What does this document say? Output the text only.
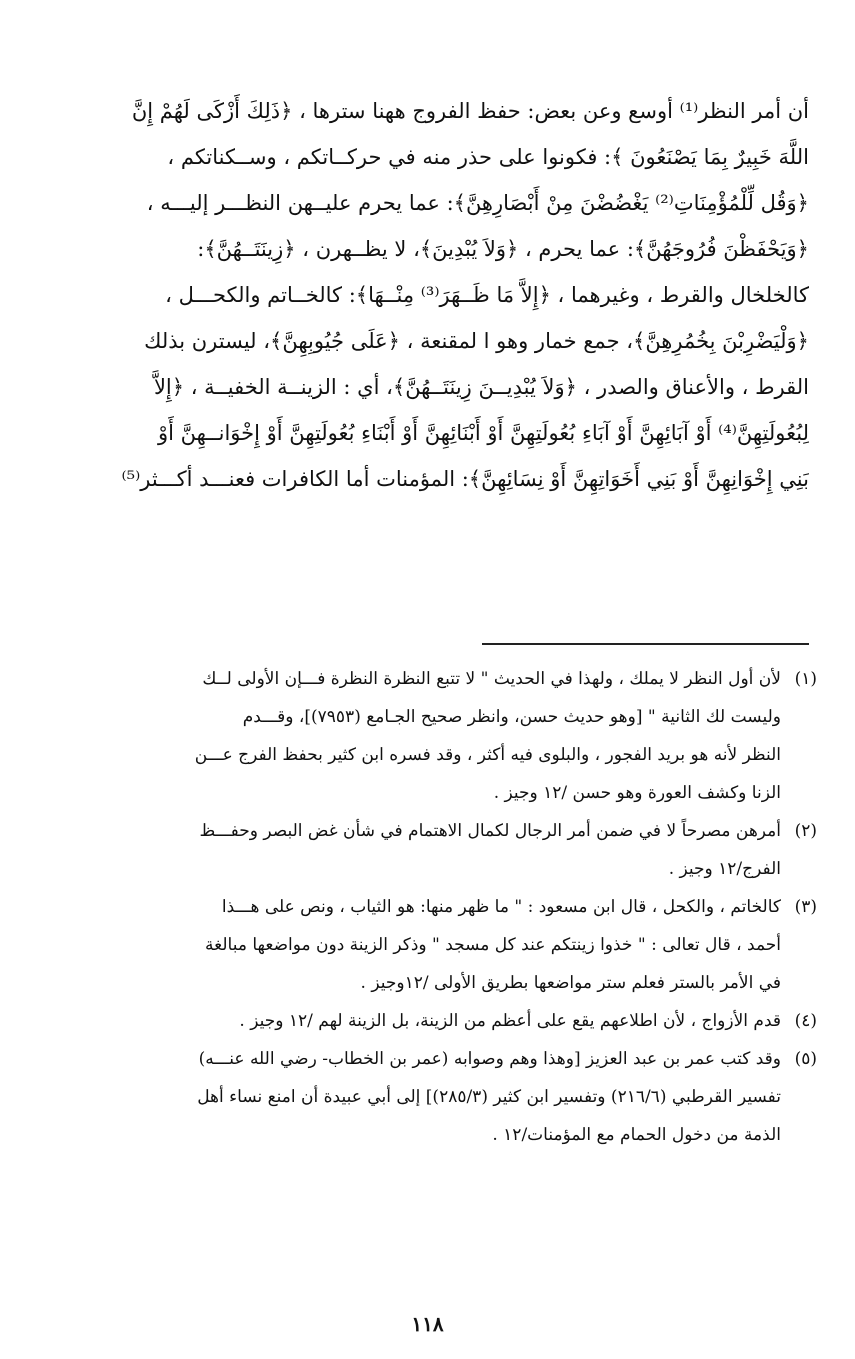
أن أمر النظر⁽¹⁾ أوسع وعن بعض: حفظ الفروج ههنا سترها ، ﴿ذَلِكَ أَزْكَى لَهُمْ إِنَّ
اللَّهَ خَبِيرٌ بِمَا يَصْنَعُونَ ﴾: فكونوا على حذر منه في حركــاتكم ، وســكناتكم ،
﴿وَقُل لِّلْمُؤْمِنَاتِ⁽²⁾ يَغْضُضْنَ مِنْ أَبْصَارِهِنَّ﴾: عما يحرم عليــهن النظـــر إليـــه ،
﴿وَيَحْفَظْنَ فُرُوجَهُنَّ﴾: عما يحرم ، ﴿وَلاَ يُبْدِينَ﴾، لا يظــهرن ، ﴿زِينَتَــهُنَّ﴾:
كالخلخال والقرط ، وغيرهما ، ﴿إِلاَّ مَا ظَــهَرَ⁽³⁾ مِنْــهَا﴾: كالخــاتم والكحـــل ،
﴿وَلْيَضْرِبْنَ بِخُمُرِهِنَّ﴾، جمع خمار وهو ا لمقنعة ، ﴿عَلَى جُيُوبِهِنَّ﴾، ليسترن بذلك
القرط ، والأعناق والصدر ، ﴿وَلاَ يُبْدِيــنَ زِينَتَــهُنَّ﴾، أي : الزينــة الخفيــة ، ﴿إِلاَّ
لِبُعُولَتِهِنَّ⁽⁴⁾ أَوْ آبَائِهِنَّ أَوْ آبَاءِ بُعُولَتِهِنَّ أَوْ أَبْنَائِهِنَّ أَوْ أَبْنَاءِ بُعُولَتِهِنَّ أَوْ إِخْوَانــهِنَّ أَوْ
بَنِي إِخْوَانِهِنَّ أَوْ بَنِي أَخَوَاتِهِنَّ أَوْ نِسَائِهِنَّ﴾: المؤمنات أما الكافرات فعنـــد أكـــثر⁽⁵⁾
(١)
لأن أول النظر لا يملك ، ولهذا في الحديث " لا تتبع النظرة النظرة فـــإن الأولى لــك
وليست لك الثانية " [وهو حديث حسن، وانظر صحيح الجـامع (٧٩٥٣)]، وقـــدم
النظر لأنه هو بريد الفجور ، والبلوى فيه أكثر ، وقد فسره ابن كثير بحفظ الفرج عـــن
الزنا وكشف العورة وهو حسن /١٢ وجيز .
(٢)
أمرهن مصرحاً لا في ضمن أمر الرجال لكمال الاهتمام في شأن غض البصر وحفـــظ
الفرج/١٢ وجيز .
(٣)
كالخاتم ، والكحل ، قال ابن مسعود : " ما ظهر منها: هو الثياب ، ونص على هـــذا
أحمد ، قال تعالى : " خذوا زينتكم عند كل مسجد " وذكر الزينة دون مواضعها مبالغة
في الأمر بالستر فعلم ستر مواضعها بطريق الأولى /١٢وجيز .
(٤)
قدم الأزواج ، لأن اطلاعهم يقع على أعظم من الزينة، بل الزينة لهم /١٢ وجيز .
(٥)
وقد كتب عمر بن عبد العزيز [وهذا وهم وصوابه (عمر بن الخطاب- رضي الله عنـــه)
تفسير القرطبي (٢١٦/٦) وتفسير ابن كثير (٢٨٥/٣)] إلى أبي عبيدة أن امنع نساء أهل
الذمة من دخول الحمام مع المؤمنات/١٢ .
١١٨
